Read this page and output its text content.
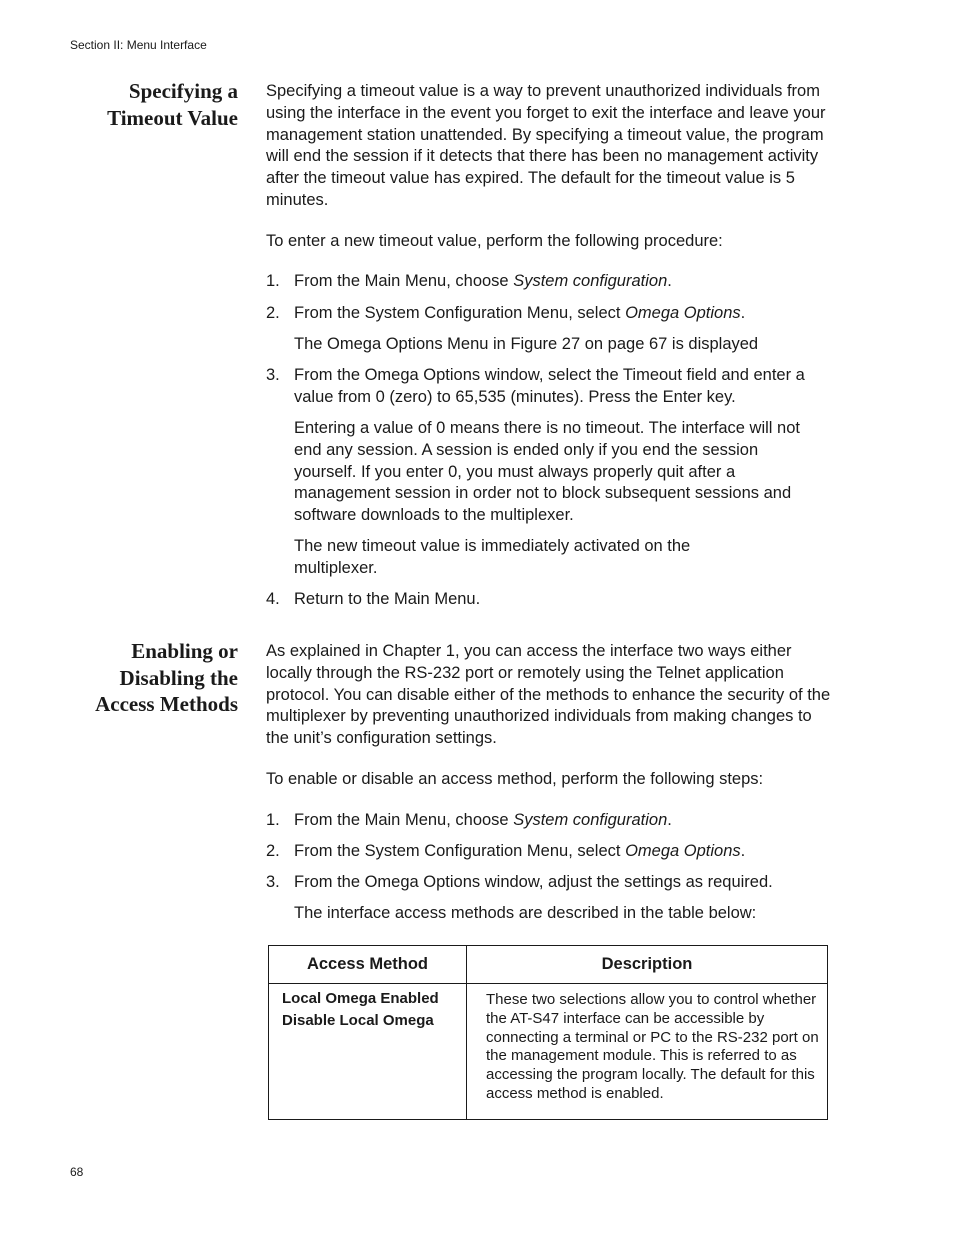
Section II: Menu Interface
Specifying a
Timeout Value

Specifying a timeout value is a way to prevent unauthorized individuals from using the interface in the event you forget to exit the interface and leave your management station unattended. By specifying a timeout value, the program will end the session if it detects that there has been no management activity after the timeout value has expired. The default for the timeout value is 5 minutes.

To enter a new timeout value, perform the following procedure:

1. From the Main Menu, choose System configuration.
2. From the System Configuration Menu, select Omega Options.
The Omega Options Menu in Figure 27 on page 67 is displayed
3. From the Omega Options window, select the Timeout field and enter a value from 0 (zero) to 65,535 (minutes). Press the Enter key.
Entering a value of 0 means there is no timeout. The interface will not end any session. A session is ended only if you end the session yourself. If you enter 0, you must always properly quit after a management session in order not to block subsequent sessions and software downloads to the multiplexer.
The new timeout value is immediately activated on the multiplexer.
4. Return to the Main Menu.
Enabling or
Disabling the
Access Methods

As explained in Chapter 1, you can access the interface two ways either locally through the RS-232 port or remotely using the Telnet application protocol. You can disable either of the methods to enhance the security of the multiplexer by preventing unauthorized individuals from making changes to the unit’s configuration settings.

To enable or disable an access method, perform the following steps:

1. From the Main Menu, choose System configuration.
2. From the System Configuration Menu, select Omega Options.
3. From the Omega Options window, adjust the settings as required.
The interface access methods are described in the table below:
Access Method	Description

Local Omega Enabled
Disable Local Omega	These two selections allow you to control whether the AT-S47 interface can be accessible by connecting a terminal or PC to the RS-232 port on the management module. This is referred to as accessing the program locally. The default for this access method is enabled.
68
